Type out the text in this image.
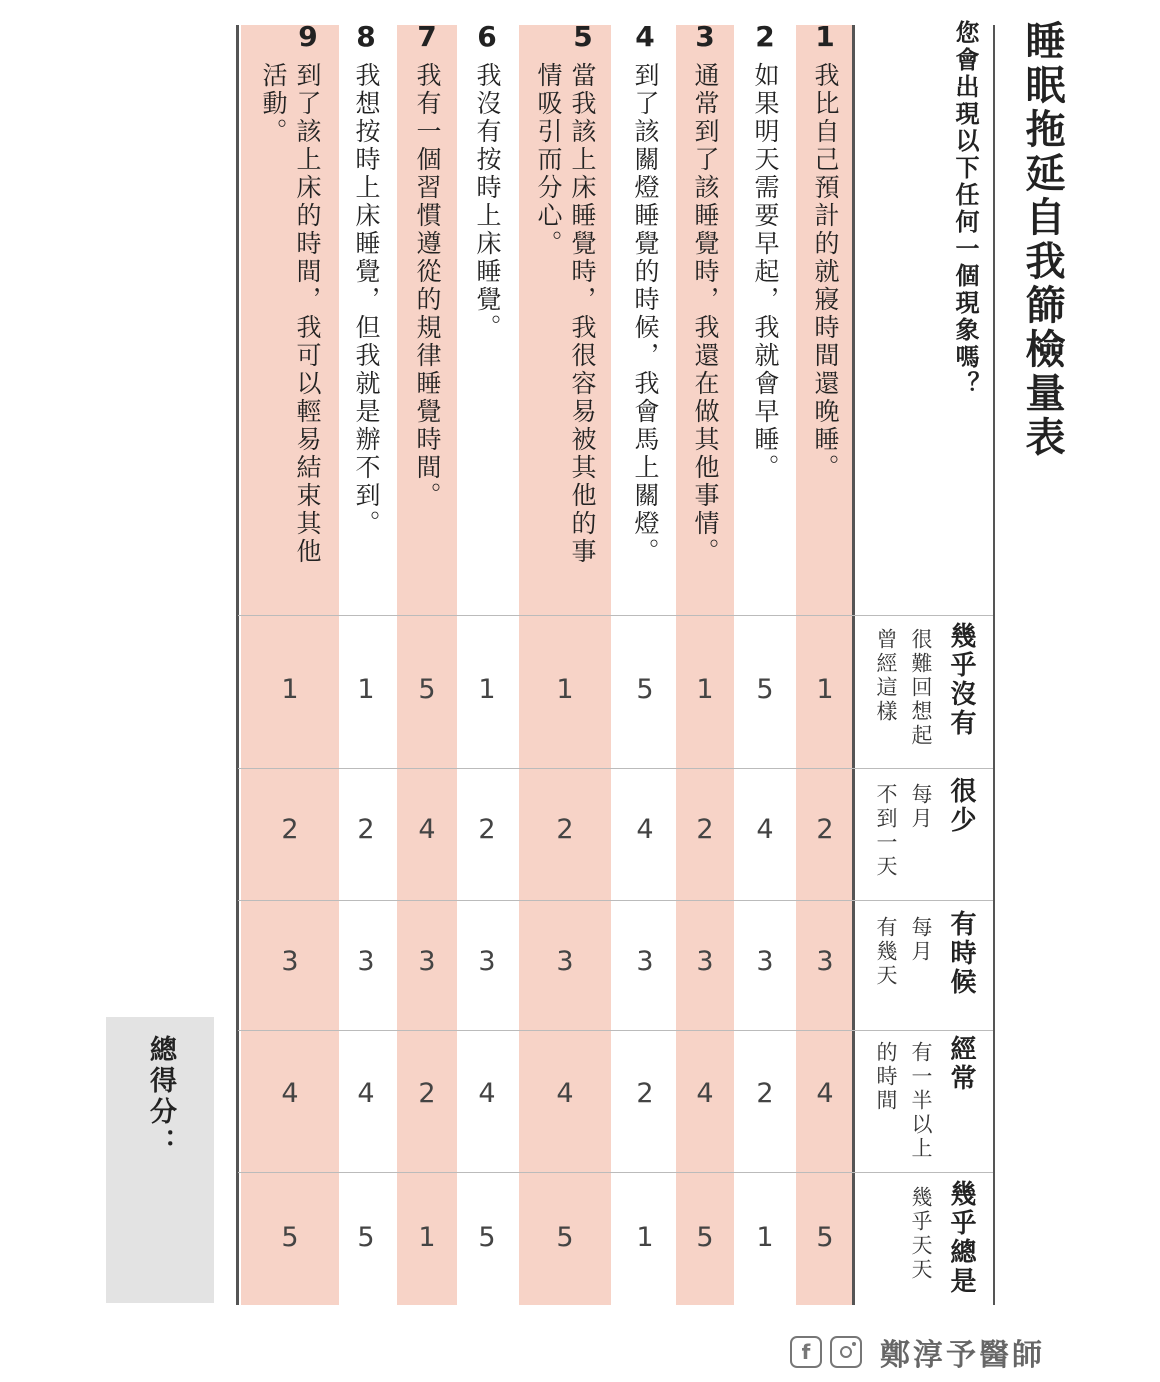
睡眠拖延自我篩檢量表
您會出現以下任何一個現象嗎？
幾乎沒有
很難回想起
曾經這樣
很少
每月
不到一天
有時候
每月
有幾天
經常
有一半以上
的時間
幾乎總是
幾乎天天
1
我比自己預計的就寢時間還晚睡。
1
2
3
4
5
2
如果明天需要早起，我就會早睡。
5
4
3
2
1
3
通常到了該睡覺時，我還在做其他事情。
1
2
3
4
5
4
到了該關燈睡覺的時候，我會馬上關燈。
5
4
3
2
1
5
當我該上床睡覺時，我很容易被其他的事情吸引而分心。
1
2
3
4
5
6
我沒有按時上床睡覺。
1
2
3
4
5
7
我有一個習慣遵從的規律睡覺時間。
5
4
3
2
1
8
我想按時上床睡覺，但我就是辦不到。
1
2
3
4
5
9
到了該上床的時間，我可以輕易結束其他活動。
1
2
3
4
5
總得分：
f	鄭淳予醫師
